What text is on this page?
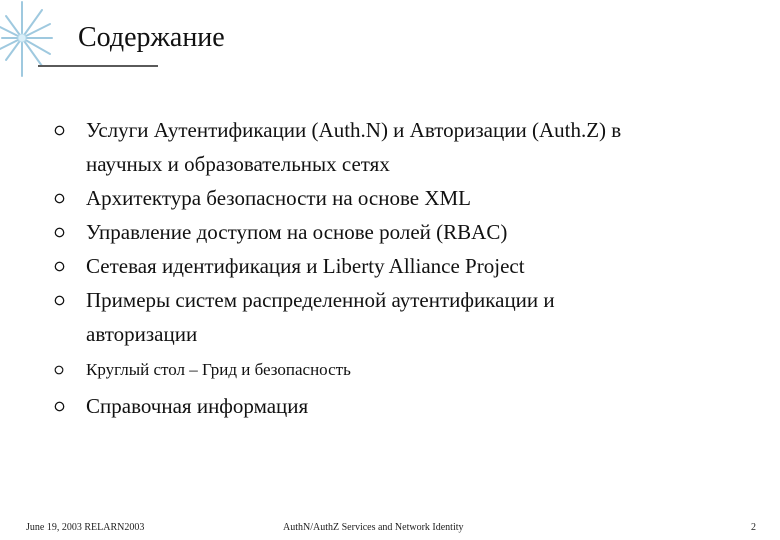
Содержание
Услуги Аутентификации (Auth.N) и Авторизации (Auth.Z) в
научных и образовательных сетях
Архитектура безопасности на основе XML
Управление доступом на основе ролей (RBAC)
Сетевая идентификация и Liberty Alliance Project
Примеры систем распределенной аутентификации и
авторизации
Круглый стол – Грид и безопасность
Справочная информация
June 19, 2003 RELARN2003	AuthN/AuthZ Services and Network Identity	2
